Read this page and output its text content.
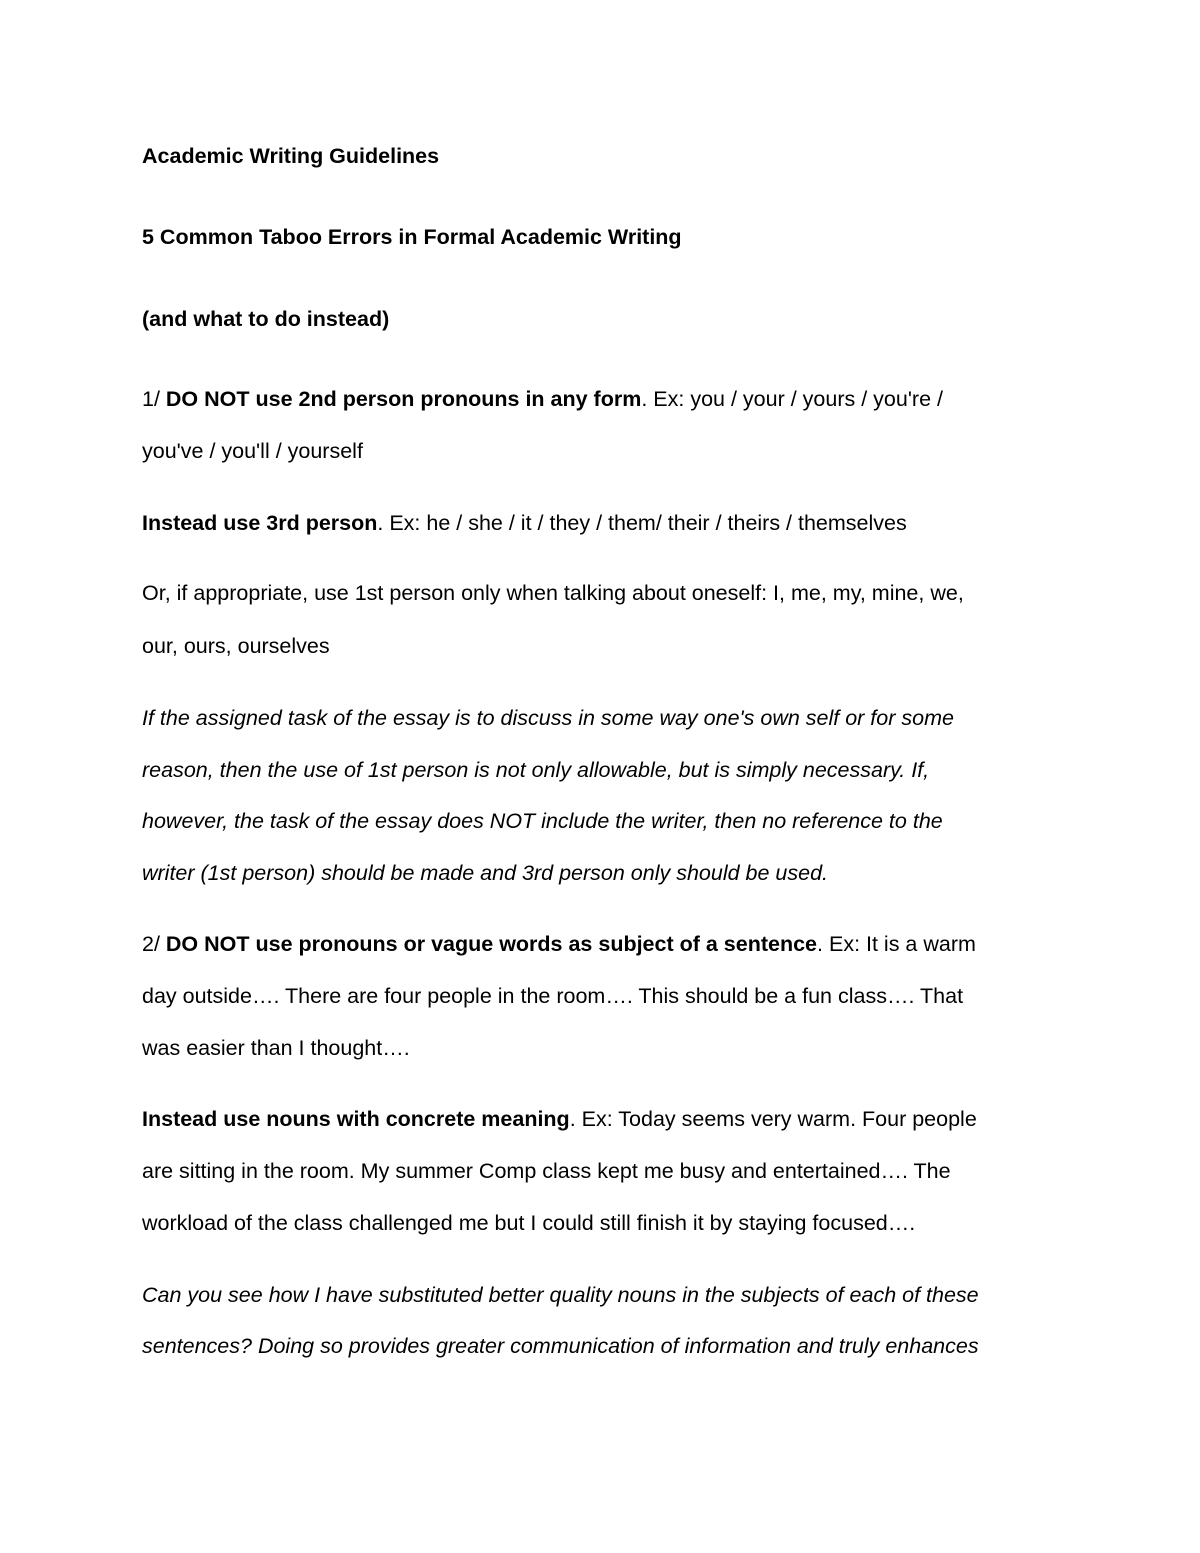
Academic Writing Guidelines
5 Common Taboo Errors in Formal Academic Writing
(and what to do instead)
1/ DO NOT use 2nd person pronouns in any form. Ex: you / your / yours / you're /
you've / you'll / yourself
Instead use 3rd person. Ex: he / she / it / they / them/ their / theirs / themselves
Or, if appropriate, use 1st person only when talking about oneself: I, me, my, mine, we,
our, ours, ourselves
If the assigned task of the essay is to discuss in some way one's own self or for some
reason, then the use of 1st person is not only allowable, but is simply necessary. If,
however, the task of the essay does NOT include the writer, then no reference to the
writer (1st person) should be made and 3rd person only should be used.
2/ DO NOT use pronouns or vague words as subject of a sentence. Ex: It is a warm
day outside…. There are four people in the room…. This should be a fun class…. That
was easier than I thought….
Instead use nouns with concrete meaning. Ex: Today seems very warm. Four people
are sitting in the room. My summer Comp class kept me busy and entertained…. The
workload of the class challenged me but I could still finish it by staying focused….
Can you see how I have substituted better quality nouns in the subjects of each of these
sentences? Doing so provides greater communication of information and truly enhances
